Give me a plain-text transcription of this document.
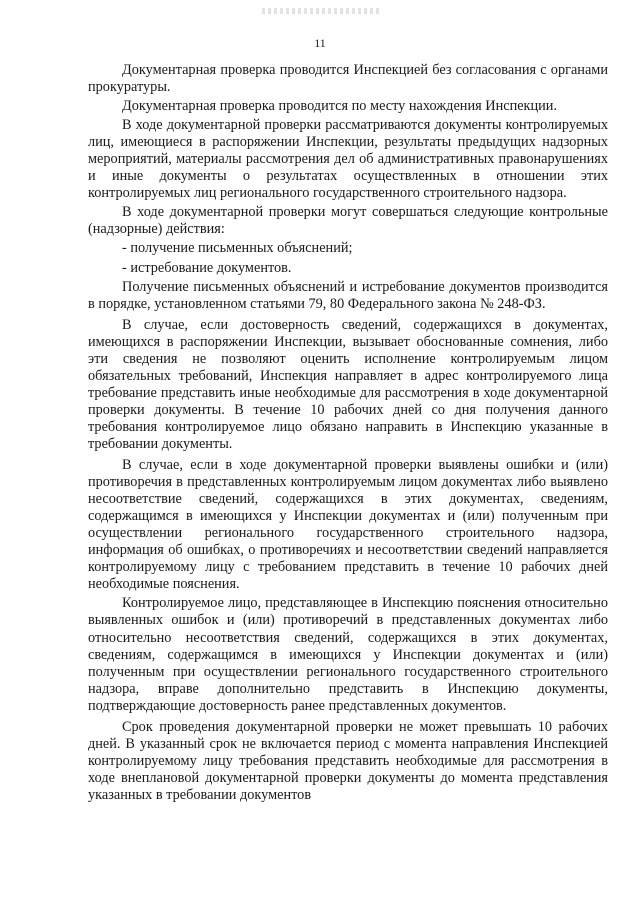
11

Документарная проверка проводится Инспекцией без согласования с органами прокуратуры.

Документарная проверка проводится по месту нахождения Инспекции.

В ходе документарной проверки рассматриваются документы контролируемых лиц, имеющиеся в распоряжении Инспекции, результаты предыдущих надзорных мероприятий, материалы рассмотрения дел об административных правонарушениях и иные документы о результатах осуществленных в отношении этих контролируемых лиц регионального государственного строительного надзора.

В ходе документарной проверки могут совершаться следующие контрольные (надзорные) действия:

- получение письменных объяснений;

- истребование документов.

Получение письменных объяснений и истребование документов производится в порядке, установленном статьями 79, 80 Федерального закона № 248-ФЗ.

В случае, если достоверность сведений, содержащихся в документах, имеющихся в распоряжении Инспекции, вызывает обоснованные сомнения, либо эти сведения не позволяют оценить исполнение контролируемым лицом обязательных требований, Инспекция направляет в адрес контролируемого лица требование представить иные необходимые для рассмотрения в ходе документарной проверки документы. В течение 10 рабочих дней со дня получения данного требования контролируемое лицо обязано направить в Инспекцию указанные в требовании документы.

В случае, если в ходе документарной проверки выявлены ошибки и (или) противоречия в представленных контролируемым лицом документах либо выявлено несоответствие сведений, содержащихся в этих документах, сведениям, содержащимся в имеющихся у Инспекции документах и (или) полученным при осуществлении регионального государственного строительного надзора, информация об ошибках, о противоречиях и несоответствии сведений направляется контролируемому лицу с требованием представить в течение 10 рабочих дней необходимые пояснения.

Контролируемое лицо, представляющее в Инспекцию пояснения относительно выявленных ошибок и (или) противоречий в представленных документах либо относительно несоответствия сведений, содержащихся в этих документах, сведениям, содержащимся в имеющихся у Инспекции документах и (или) полученным при осуществлении регионального государственного строительного надзора, вправе дополнительно представить в Инспекцию документы, подтверждающие достоверность ранее представленных документов.

Срок проведения документарной проверки не может превышать 10 рабочих дней. В указанный срок не включается период с момента направления Инспекцией контролируемому лицу требования представить необходимые для рассмотрения в ходе внеплановой документарной проверки документы до момента представления указанных в требовании документов
